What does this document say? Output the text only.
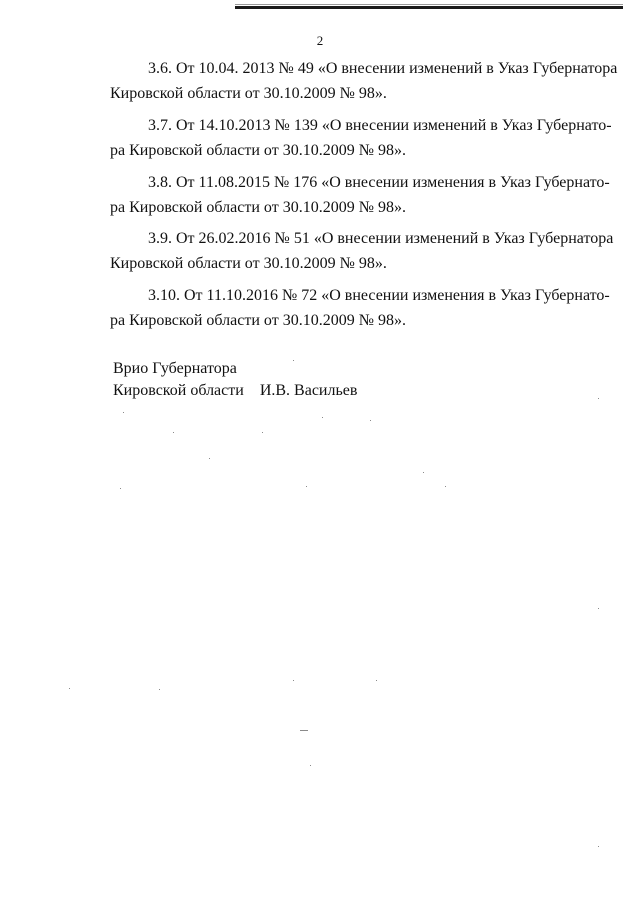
2
3.6. От 10.04. 2013 № 49 «О внесении изменений в Указ Губернатора
Кировской области от 30.10.2009 № 98».
3.7. От 14.10.2013 № 139 «О внесении изменений в Указ Губернато-
ра Кировской области от 30.10.2009 № 98».
3.8. От 11.08.2015 № 176 «О внесении изменения в Указ Губернато-
ра Кировской области от 30.10.2009 № 98».
3.9. От 26.02.2016 № 51 «О внесении изменений в Указ Губернатора
Кировской области от 30.10.2009 № 98».
3.10. От 11.10.2016 № 72 «О внесении изменения в Указ Губернато-
ра Кировской области от 30.10.2009 № 98».
Врио Губернатора
Кировской области И.В. Васильев
